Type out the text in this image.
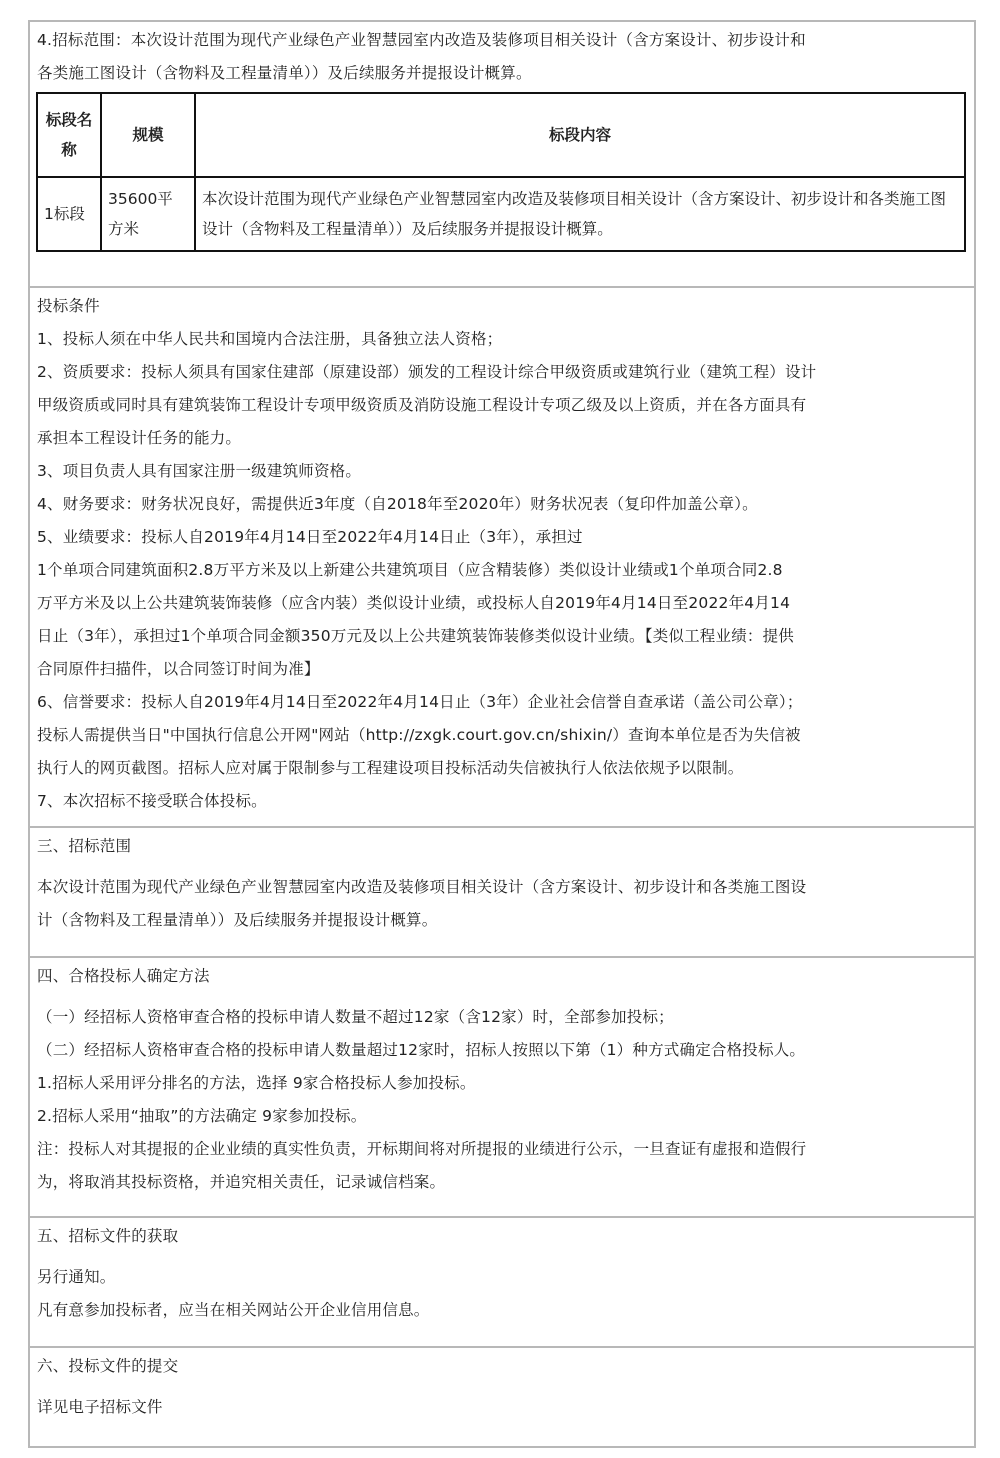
4.招标范围：本次设计范围为现代产业绿色产业智慧园室内改造及装修项目相关设计（含方案设计、初步设计和

各类施工图设计（含物料及工程量清单））及后续服务并提报设计概算。

标段名称	规模	标段内容
1标段	35600平方米	本次设计范围为现代产业绿色产业智慧园室内改造及装修项目相关设计（含方案设计、初步设计和各类施工图设计（含物料及工程量清单））及后续服务并提报设计概算。

投标条件

1、投标人须在中华人民共和国境内合法注册，具备独立法人资格；

2、资质要求：投标人须具有国家住建部（原建设部）颁发的工程设计综合甲级资质或建筑行业（建筑工程）设计

甲级资质或同时具有建筑装饰工程设计专项甲级资质及消防设施工程设计专项乙级及以上资质，并在各方面具有

承担本工程设计任务的能力。

3、项目负责人具有国家注册一级建筑师资格。

4、财务要求：财务状况良好，需提供近3年度（自2018年至2020年）财务状况表（复印件加盖公章）。

5、业绩要求：投标人自2019年4月14日至2022年4月14日止（3年），承担过

1个单项合同建筑面积2.8万平方米及以上新建公共建筑项目（应含精装修）类似设计业绩或1个单项合同2.8

万平方米及以上公共建筑装饰装修（应含内装）类似设计业绩，或投标人自2019年4月14日至2022年4月14

日止（3年），承担过1个单项合同金额350万元及以上公共建筑装饰装修类似设计业绩。【类似工程业绩：提供

合同原件扫描件，以合同签订时间为准】

6、信誉要求：投标人自2019年4月14日至2022年4月14日止（3年）企业社会信誉自查承诺（盖公司公章）；

投标人需提供当日"中国执行信息公开网"网站（http://zxgk.court.gov.cn/shixin/）查询本单位是否为失信被

执行人的网页截图。招标人应对属于限制参与工程建设项目投标活动失信被执行人依法依规予以限制。

7、本次招标不接受联合体投标。

三、招标范围

本次设计范围为现代产业绿色产业智慧园室内改造及装修项目相关设计（含方案设计、初步设计和各类施工图设

计（含物料及工程量清单））及后续服务并提报设计概算。

四、合格投标人确定方法

（一）经招标人资格审查合格的投标申请人数量不超过12家（含12家）时，全部参加投标；

（二）经招标人资格审查合格的投标申请人数量超过12家时，招标人按照以下第（1）种方式确定合格投标人。

1.招标人采用评分排名的方法，选择 9家合格投标人参加投标。

2.招标人采用“抽取”的方法确定 9家参加投标。

注：投标人对其提报的企业业绩的真实性负责，开标期间将对所提报的业绩进行公示，一旦查证有虚报和造假行

为，将取消其投标资格，并追究相关责任，记录诚信档案。

五、招标文件的获取

另行通知。

凡有意参加投标者，应当在相关网站公开企业信用信息。

六、投标文件的提交

详见电子招标文件
